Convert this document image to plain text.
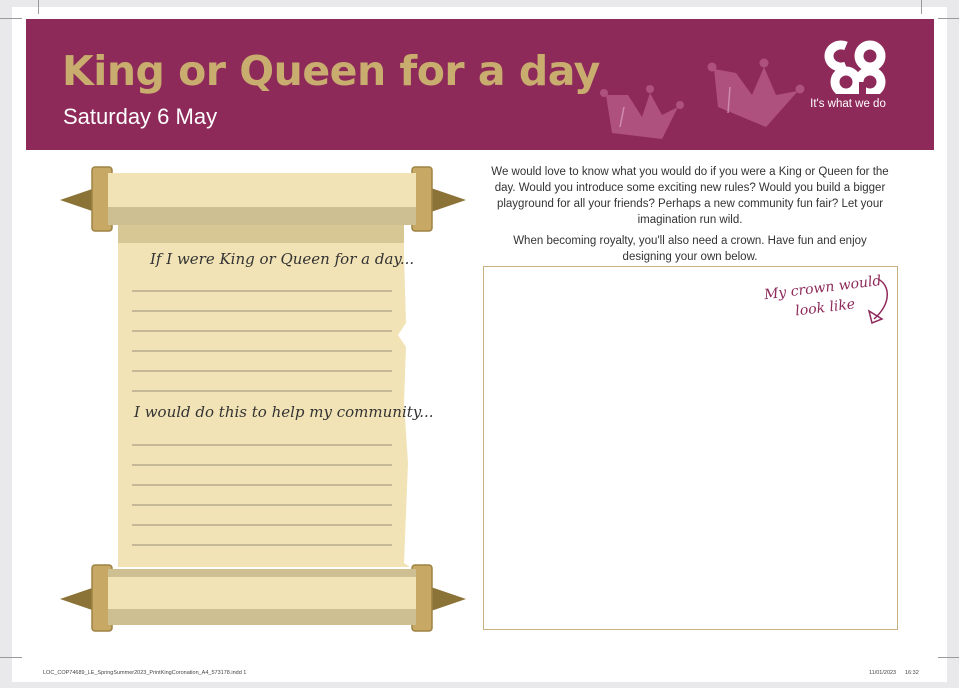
King or Queen for a day
Saturday 6 May	It's what we do
If I were King or Queen for a day...
I would do this to help my community...

We would love to know what you would do if you were a King or Queen for the day. Would you introduce some exciting new rules? Would you build a bigger playground for all your friends? Perhaps a new community fun fair? Let your imagination run wild.

When becoming royalty, you'll also need a crown. Have fun and enjoy designing your own below.

My crown would look like
LOC_COP74689_LE_SpringSummer2023_PrintKingCoronation_A4_573178.indd 1	11/01/2023 16:32
